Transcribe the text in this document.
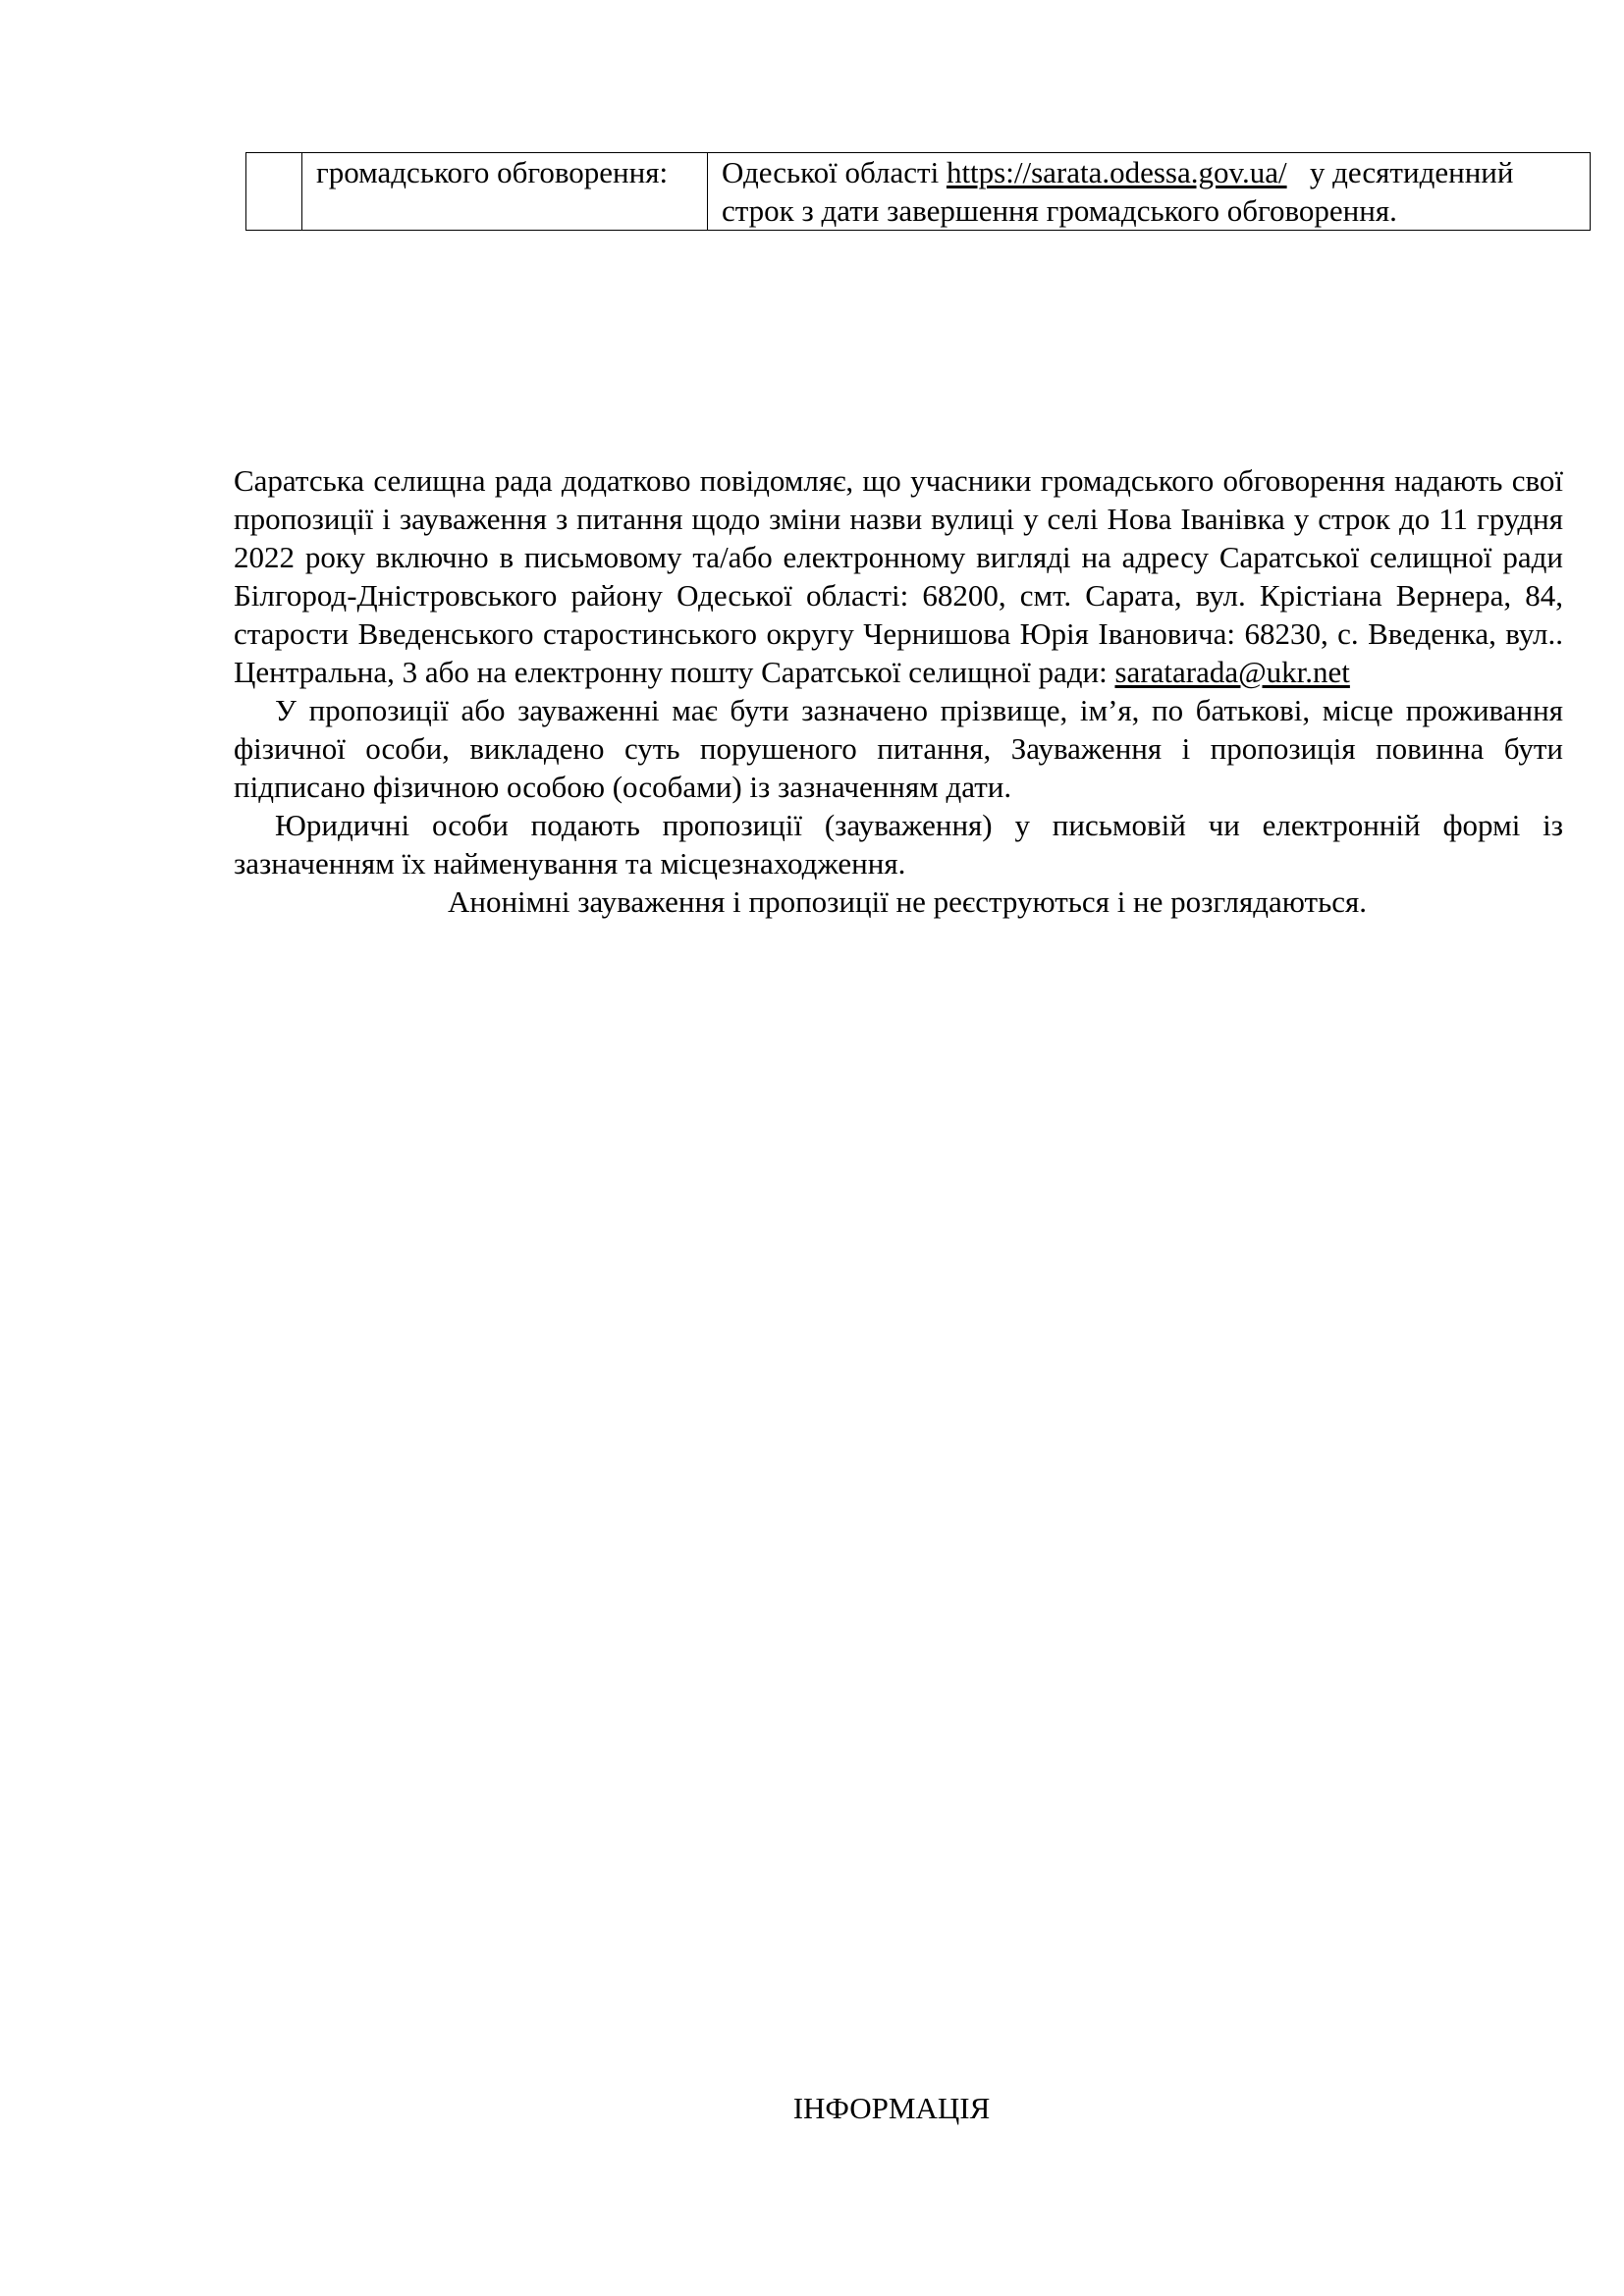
	громадського обговорення:	Одеської області https://sarata.odessa.gov.ua/   у десятиденний строк з дати завершення громадського обговорення.

Саратська селищна рада додатково повідомляє, що учасники громадського обговорення надають свої пропозиції і зауваження з питання щодо зміни назви вулиці у селі Нова Іванівка у строк до 11 грудня 2022 року включно в письмовому та/або електронному вигляді на адресу Саратської селищної ради Білгород-Дністровського району Одеської області: 68200, смт. Сарата, вул. Крістіана Вернера, 84, старости Введенського старостинського округу Чернишова Юрія Івановича: 68230, с. Введенка, вул.. Центральна, 3 або на електронну пошту Саратської селищної ради: saratarada@ukr.net

У пропозиції або зауваженні має бути зазначено прізвище, ім’я, по батькові, місце проживання фізичної особи, викладено суть порушеного питання, Зауваження і пропозиція повинна бути підписано фізичною особою (особами) із зазначенням дати.

Юридичні особи подають пропозиції (зауваження) у письмовій чи електронній формі із зазначенням їх найменування та місцезнаходження.

Анонімні зауваження і пропозиції не реєструються і не розглядаються.

ІНФОРМАЦІЯ
